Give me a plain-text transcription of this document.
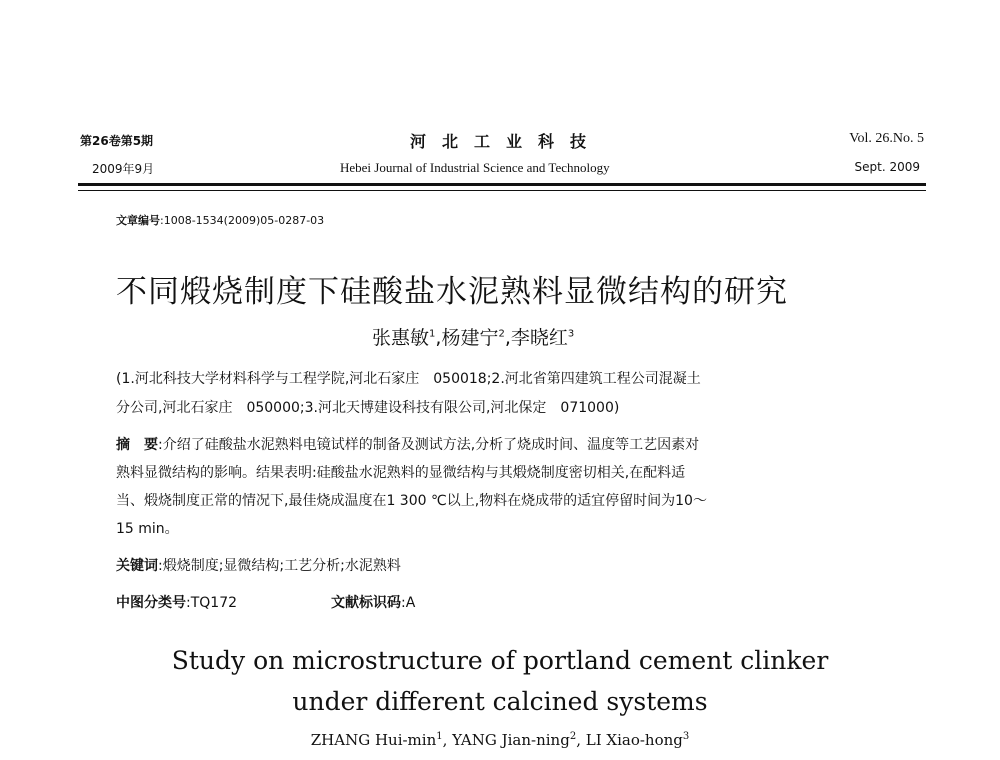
第26卷第5期
2009年9月
河北工业科技
Hebei Journal of Industrial Science and Technology
Vol. 26.No. 5
Sept. 2009
文章编号:1008-1534(2009)05-0287-03
不同煅烧制度下硅酸盐水泥熟料显微结构的研究
张惠敏$^1$,杨建宁$^2$,李晓红$^3$
(1.河北科技大学材料科学与工程学院,河北石家庄　050018;2.河北省第四建筑工程公司混凝土
分公司,河北石家庄　050000;3.河北天博建设科技有限公司,河北保定　071000)
摘　要:介绍了硅酸盐水泥熟料电镜试样的制备及测试方法,分析了烧成时间、温度等工艺因素对
熟料显微结构的影响。结果表明:硅酸盐水泥熟料的显微结构与其煅烧制度密切相关,在配料适
当、煅烧制度正常的情况下,最佳烧成温度在1 300 ℃以上,物料在烧成带的适宜停留时间为10～
15 min。
关键词:煅烧制度;显微结构;工艺分析;水泥熟料
中图分类号:TQ172	文献标识码:A
Study on microstructure of portland cement clinker
under different calcined systems
ZHANG Hui-$\min^1$, YANG Jian-ning$^2$, LI Xiao-hong$^3$
